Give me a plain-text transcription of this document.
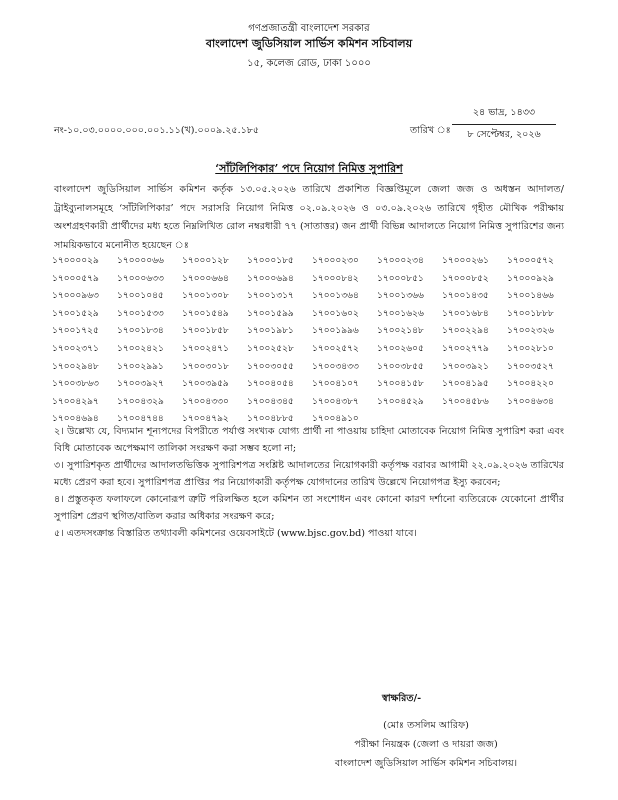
গণপ্রজাতন্ত্রী বাংলাদেশ সরকার
বাংলাদেশ জুডিসিয়াল সার্ভিস কমিশন সচিবালয়
১৫, কলেজ রোড, ঢাকা ১০০০
নং-১০.০৩.০০০০.০০০.০০১.১১(খ).০০০৯.২৫.১৮৫	তারিখ ঃ
২৪ ভাদ্র, ১৪৩৩
৮ সেপ্টেম্বর, ২০২৬
‘সাঁটলিপিকার’ পদে নিয়োগ নিমিত্ত সুপারিশ
বাংলাদেশ জুডিসিয়াল সার্ভিস কমিশন কর্তৃক ১৩.০৫.২০২৬ তারিখে প্রকাশিত বিজ্ঞপ্তিমূলে জেলা জজ ও অধস্তন আদালত/ট্রাইব্যুনালসমূহে ‘সাঁটলিপিকার’ পদে সরাসরি নিয়োগ নিমিত্ত ০২.০৯.২০২৬ ও ০৩.০৯.২০২৬ তারিখে গৃহীত মৌখিক পরীক্ষায় অংশগ্রহণকারী প্রার্থীদের মধ্য হতে নিম্নলিখিত রোল নম্বরধারী ৭৭ (সাতাত্তর) জন প্রার্থী বিভিন্ন আদালতে নিয়োগ নিমিত্ত সুপারিশের জন্য সাময়িকভাবে মনোনীত হয়েছেন ঃ
১৭০০০০২৯	১৭০০০০৬৬	১৭০০০১২৮	১৭০০০১৮৫	১৭০০০২৩০	১৭০০০২৩৪	১৭০০০২৬১	১৭০০০৫৭২
১৭০০০৫৭৯	১৭০০০৬৩৩	১৭০০০৬৬৪	১৭০০০৬৯৪	১৭০০০৮৪২	১৭০০০৮৫১	১৭০০০৮৫২	১৭০০০৯২৯
১৭০০০৯৬৩	১৭০০১০৪৫	১৭০০১৩০৮	১৭০০১৩১৭	১৭০০১৩৬৪	১৭০০১৩৬৬	১৭০০১৪৩৫	১৭০০১৪৬৬
১৭০০১৫২৯	১৭০০১৫৩৩	১৭০০১৫৪৯	১৭০০১৫৯৯	১৭০০১৬০২	১৭০০১৬২৬	১৭০০১৬৮৪	১৭০০১৮৮৮
১৭০০১৭২৫	১৭০০১৮৩৪	১৭০০১৮৫৮	১৭০০১৯৮১	১৭০০১৯৯৬	১৭০০২১৪৮	১৭০০২২৯৪	১৭০০২৩২৬
১৭০০২৩৭১	১৭০০২৪২১	১৭০০২৪৭১	১৭০০২৫২৮	১৭০০২৫৭২	১৭০০২৬০৫	১৭০০২৭৭৯	১৭০০২৮১০
১৭০০২৯৪৮	১৭০০২৯৯১	১৭০০৩০১৮	১৭০০৩০৫৫	১৭০০৩৪৩৩	১৭০০৩৮৫৫	১৭০০৩৯২১	১৭০০৩৫২৭
১৭০০৩৮৬৩	১৭০০৩৯২৭	১৭০০৩৯৫৯	১৭০০৪০৫৪	১৭০০৪১০৭	১৭০০৪১৫৮	১৭০০৪১৯৫	১৭০০৪২২০
১৭০০৪২৯৭	১৭০০৪৩২৯	১৭০০৪৩৩০	১৭০০৪৩৪৫	১৭০০৪৩৮৭	১৭০০৪৫২৯	১৭০০৪৫৮৬	১৭০০৪৬৩৪
১৭০০৪৬৯৪	১৭০০৪৭৪৪	১৭০০৪৭৯২	১৭০০৪৮৮৫	১৭০০৪৯১০

২। উল্লেখ্য যে, বিদ্যমান শূন্যপদের বিপরীতে পর্যাপ্ত সংখ্যক যোগ্য প্রার্থী না পাওয়ায় চাহিদা মোতাবেক নিয়োগ নিমিত্ত সুপারিশ করা এবং বিধি মোতাবেক অপেক্ষমাণ তালিকা সংরক্ষণ করা সম্ভব হলো না;

৩। সুপারিশকৃত প্রার্থীদের আদালতভিত্তিক সুপারিশপত্র সংশ্লিষ্ট আদালতের নিয়োগকারী কর্তৃপক্ষ বরাবর আগামী ২২.০৯.২০২৬ তারিখের মধ্যে প্রেরণ করা হবে। সুপারিশপত্র প্রাপ্তির পর নিয়োগকারী কর্তৃপক্ষ যোগদানের তারিখ উল্লেখে নিয়োগপত্র ইস্যু করবেন;

৪। প্রস্তুতকৃত ফলাফলে কোনোরূপ ত্রুটি পরিলক্ষিত হলে কমিশন তা সংশোধন এবং কোনো কারণ দর্শানো ব্যতিরেকে যেকোনো প্রার্থীর সুপারিশ প্রেরণ স্থগিত/বাতিল করার অধিকার সংরক্ষণ করে;

৫। এতদসংক্রান্ত বিস্তারিত তথ্যাবলী কমিশনের ওয়েবসাইটে (www.bjsc.gov.bd) পাওয়া যাবে।

স্বাক্ষরিত/-
(মোঃ তসলিম আরিফ)
পরীক্ষা নিয়ন্ত্রক (জেলা ও দায়রা জজ)
বাংলাদেশ জুডিসিয়াল সার্ভিস কমিশন সচিবালয়।
